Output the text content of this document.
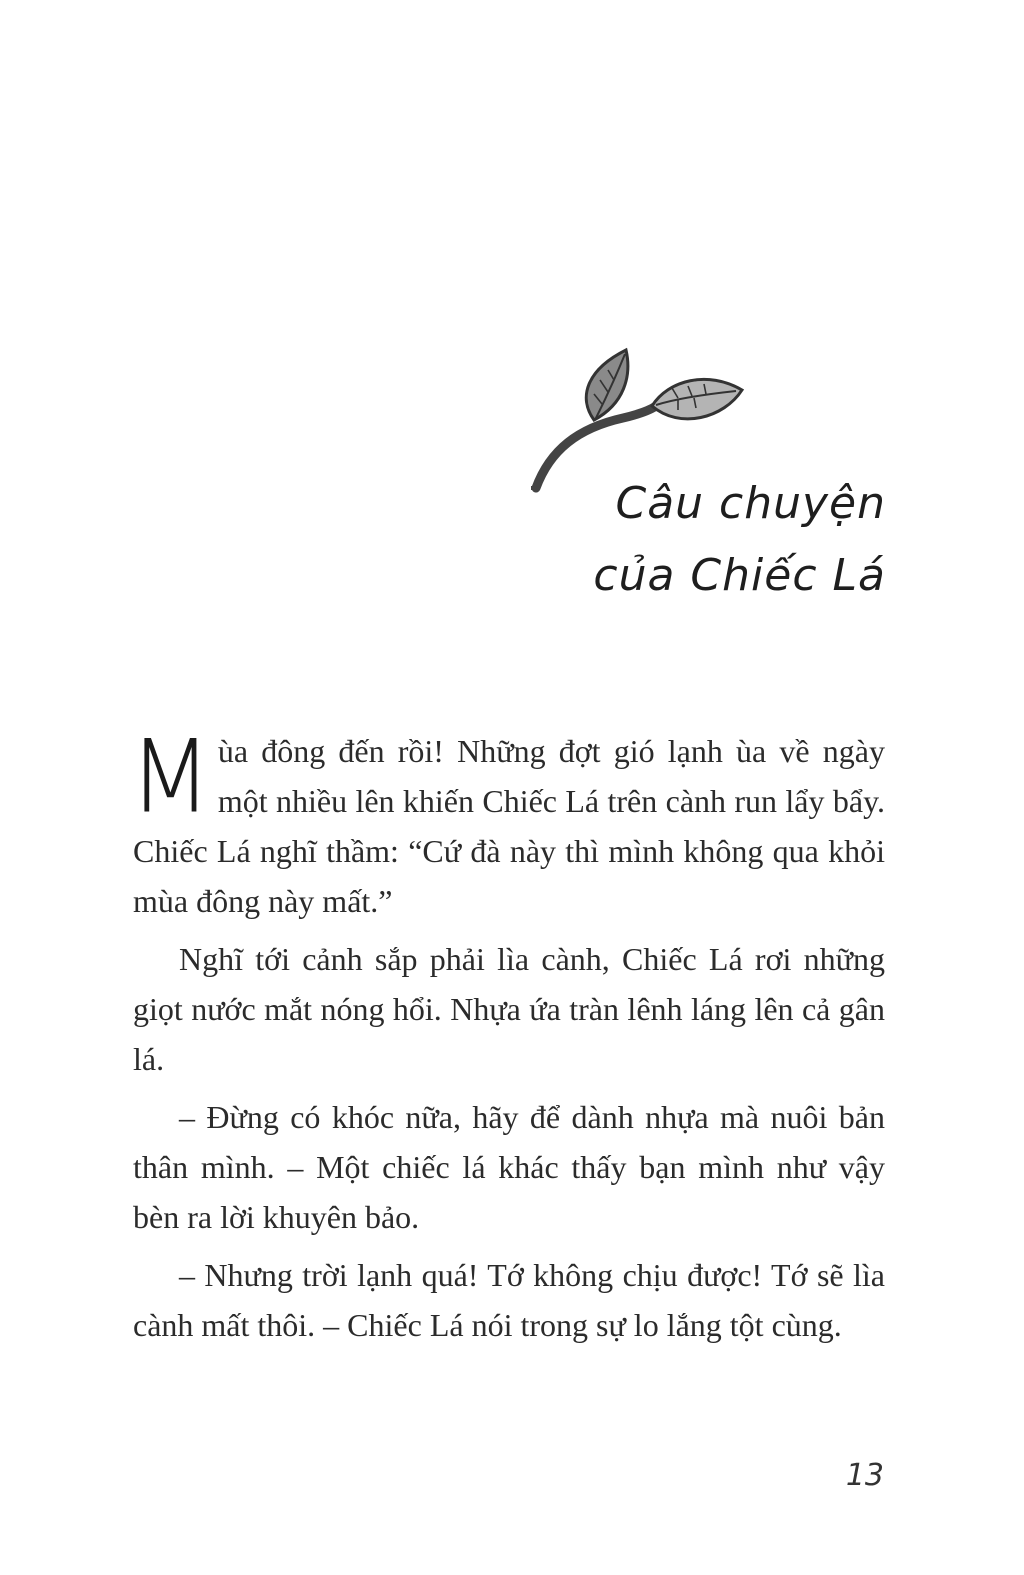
Câu chuyện
của Chiếc Lá

Mùa đông đến rồi! Những đợt gió lạnh ùa về ngày một nhiều lên khiến Chiếc Lá trên cành run lẩy bẩy. Chiếc Lá nghĩ thầm: “Cứ đà này thì mình không qua khỏi mùa đông này mất.”

Nghĩ tới cảnh sắp phải lìa cành, Chiếc Lá rơi những giọt nước mắt nóng hổi. Nhựa ứa tràn lênh láng lên cả gân lá.

– Đừng có khóc nữa, hãy để dành nhựa mà nuôi bản thân mình. – Một chiếc lá khác thấy bạn mình như vậy bèn ra lời khuyên bảo.

– Nhưng trời lạnh quá! Tớ không chịu được! Tớ sẽ lìa cành mất thôi. – Chiếc Lá nói trong sự lo lắng tột cùng.

13
